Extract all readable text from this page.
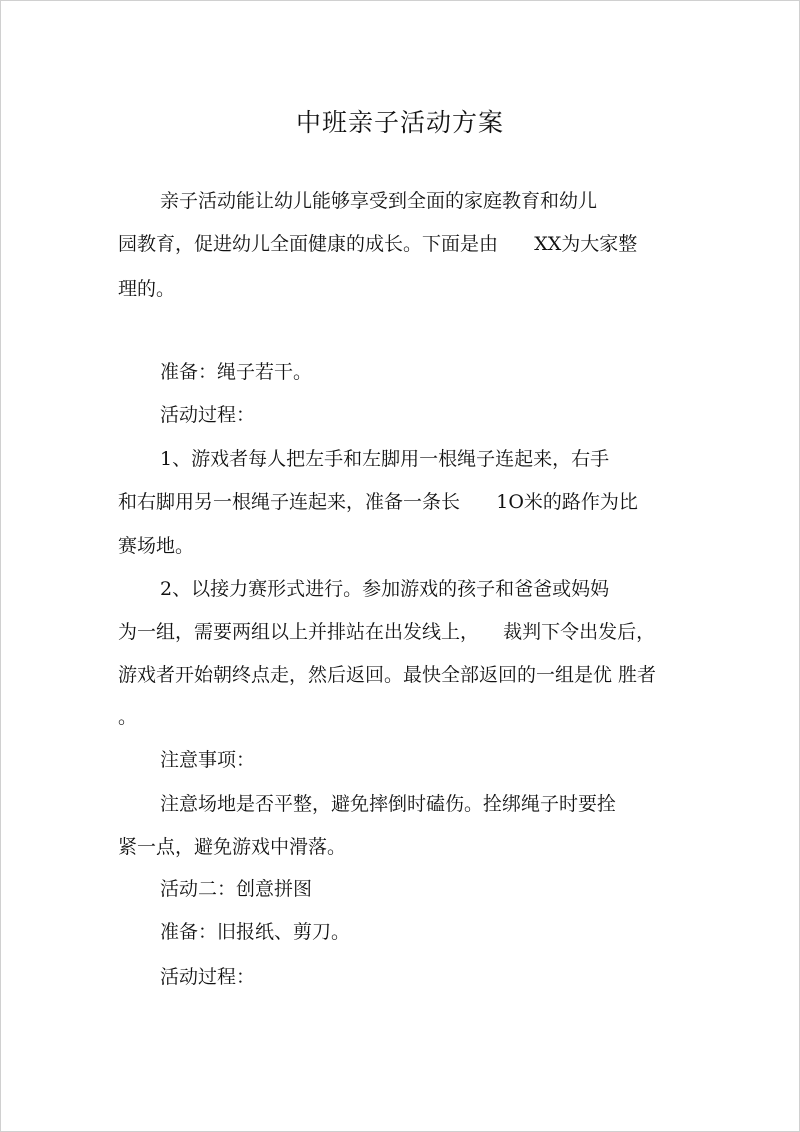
中班亲子活动方案
亲子活动能让幼儿能够享受到全面的家庭教育和幼儿
园教育，促进幼儿全面健康的成长。下面是由      XX为大家整
理的。
准备：绳子若干。
活动过程：
1、游戏者每人把左手和左脚用一根绳子连起来，右手
和右脚用另一根绳子连起来，准备一条长      1O米的路作为比
赛场地。
2、以接力赛形式进行。参加游戏的孩子和爸爸或妈妈
为一组，需要两组以上并排站在出发线上，    裁判下令出发后，
游戏者开始朝终点走，然后返回。最快全部返回的一组是优 胜者
。
注意事项：
注意场地是否平整，避免摔倒时磕伤。拴绑绳子时要拴
紧一点，避免游戏中滑落。
活动二：创意拼图
准备：旧报纸、剪刀。
活动过程：
